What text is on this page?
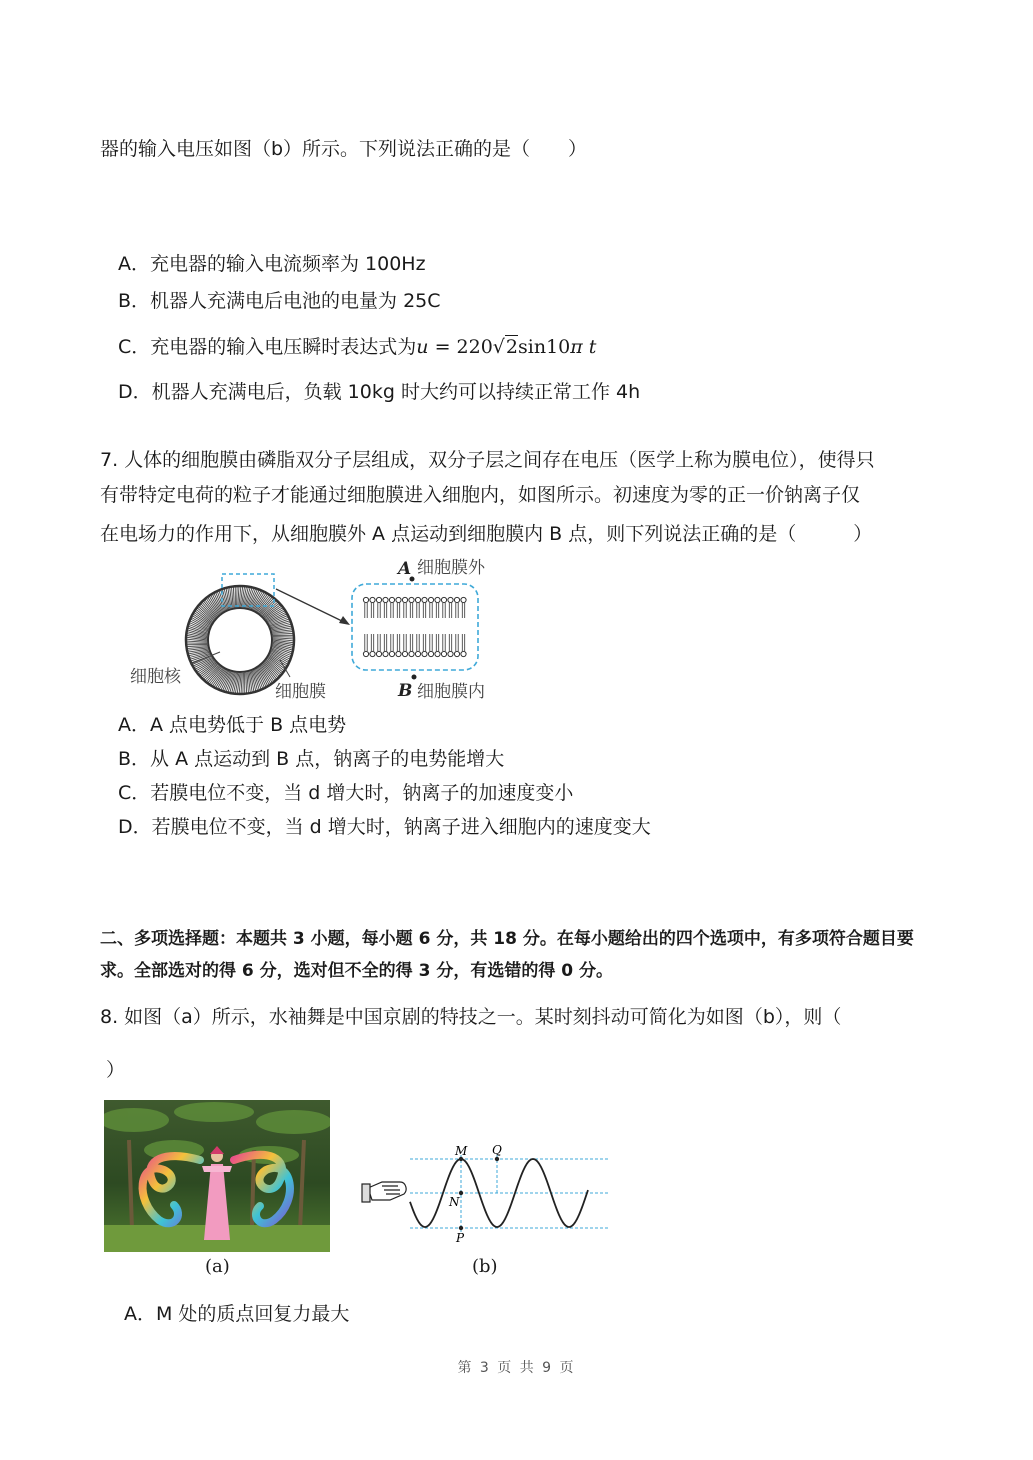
器的输入电压如图（b）所示。下列说法正确的是（　　）
A．充电器的输入电流频率为 100Hz
B．机器人充满电后电池的电量为 25C
C．充电器的输入电压瞬时表达式为u = 220√2sin10π t
D．机器人充满电后，负载 10kg 时大约可以持续正常工作 4h
7. 人体的细胞膜由磷脂双分子层组成，双分子层之间存在电压（医学上称为膜电位），使得只
有带特定电荷的粒子才能通过细胞膜进入细胞内，如图所示。初速度为零的正一价钠离子仅
在电场力的作用下，从细胞膜外 A 点运动到细胞膜内 B 点，则下列说法正确的是（　　　）
A 细胞膜外
B 细胞膜内
细胞核
细胞膜
A．A 点电势低于 B 点电势
B．从 A 点运动到 B 点，钠离子的电势能增大
C．若膜电位不变，当 d 增大时，钠离子的加速度变小
D．若膜电位不变，当 d 增大时，钠离子进入细胞内的速度变大
二、多项选择题：本题共 3 小题，每小题 6 分，共 18 分。在每小题给出的四个选项中，有多项符合题目要
求。全部选对的得 6 分，选对但不全的得 3 分，有选错的得 0 分。
8. 如图（a）所示，水袖舞是中国京剧的特技之一。某时刻抖动可简化为如图（b），则（
）
(a)
M Q
N
P
(b)
A．M 处的质点回复力最大
第 3 页 共 9 页
